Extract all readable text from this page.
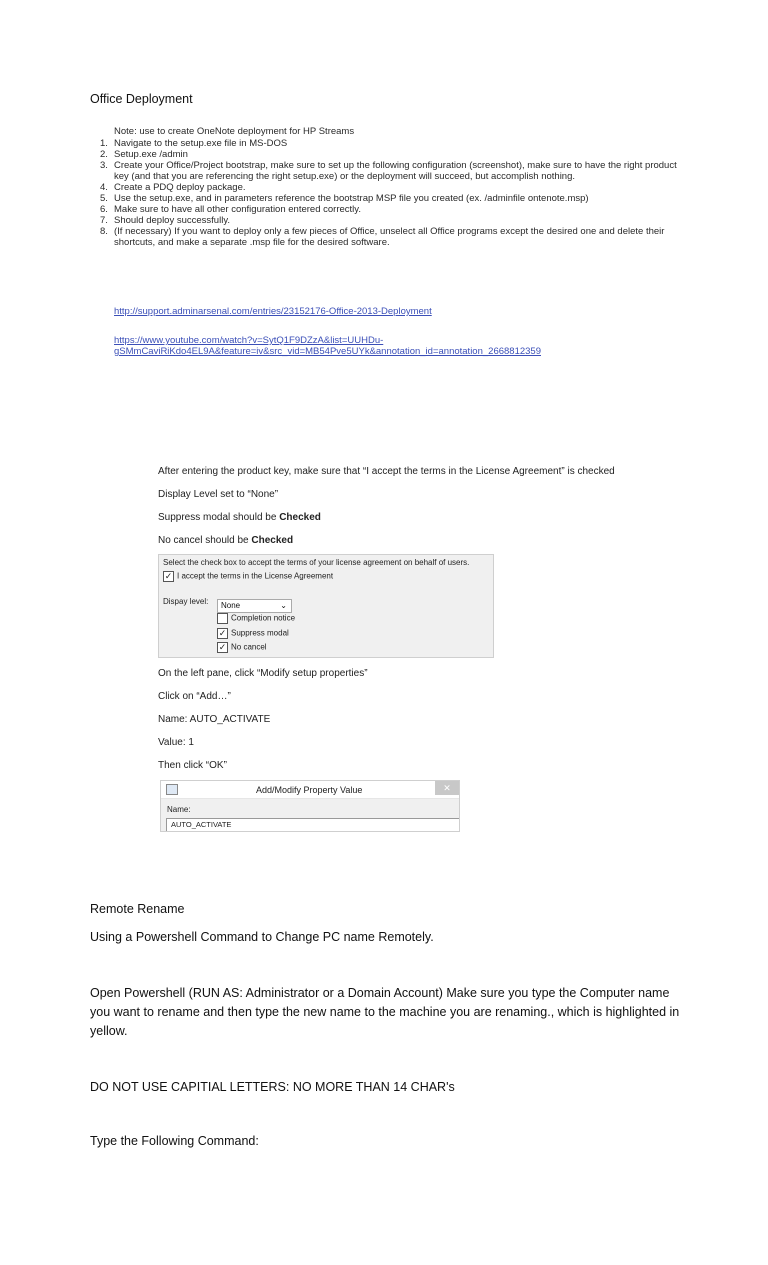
Office Deployment
Note: use to create OneNote deployment for HP Streams
1. Navigate to the setup.exe file in MS-DOS
2. Setup.exe /admin
3. Create your Office/Project bootstrap, make sure to set up the following configuration (screenshot), make sure to have the right product key (and that you are referencing the right setup.exe) or the deployment will succeed, but accomplish nothing.
4. Create a PDQ deploy package.
5. Use the setup.exe, and in parameters reference the bootstrap MSP file you created (ex. /adminfile ontenote.msp)
6. Make sure to have all other configuration entered correctly.
7. Should deploy successfully.
8. (If necessary) If you want to deploy only a few pieces of Office, unselect all Office programs except the desired one and delete their shortcuts, and make a separate .msp file for the desired software.
http://support.adminarsenal.com/entries/23152176-Office-2013-Deployment
https://www.youtube.com/watch?v=SytQ1F9DZzA&list=UUHDu-
gSMmCaviRiKdo4EL9A&feature=iv&src_vid=MB54Pve5UYk&annotation_id=annotation_2668812359
After entering the product key, make sure that “I accept the terms in the License Agreement” is checked
Display Level set to “None”
Suppress modal should be Checked
No cancel should be Checked
Select the check box to accept the terms of your license agreement on behalf of users.
✓ I accept the terms in the License Agreement
Dispay level:	None	⌄
Completion notice
✓ Suppress modal
✓ No cancel
On the left pane, click “Modify setup properties”
Click on “Add…”
Name: AUTO_ACTIVATE
Value: 1
Then click “OK”
Add/Modify Property Value	✕
Name:
AUTO_ACTIVATE
Remote Rename
Using a Powershell Command to Change PC name Remotely.
Open Powershell (RUN AS: Administrator or a Domain Account) Make sure you type the Computer name you want to rename and then type the new name to the machine you are renaming., which is highlighted in yellow.
DO NOT USE CAPITIAL LETTERS: NO MORE THAN 14 CHAR's
Type the Following Command:
